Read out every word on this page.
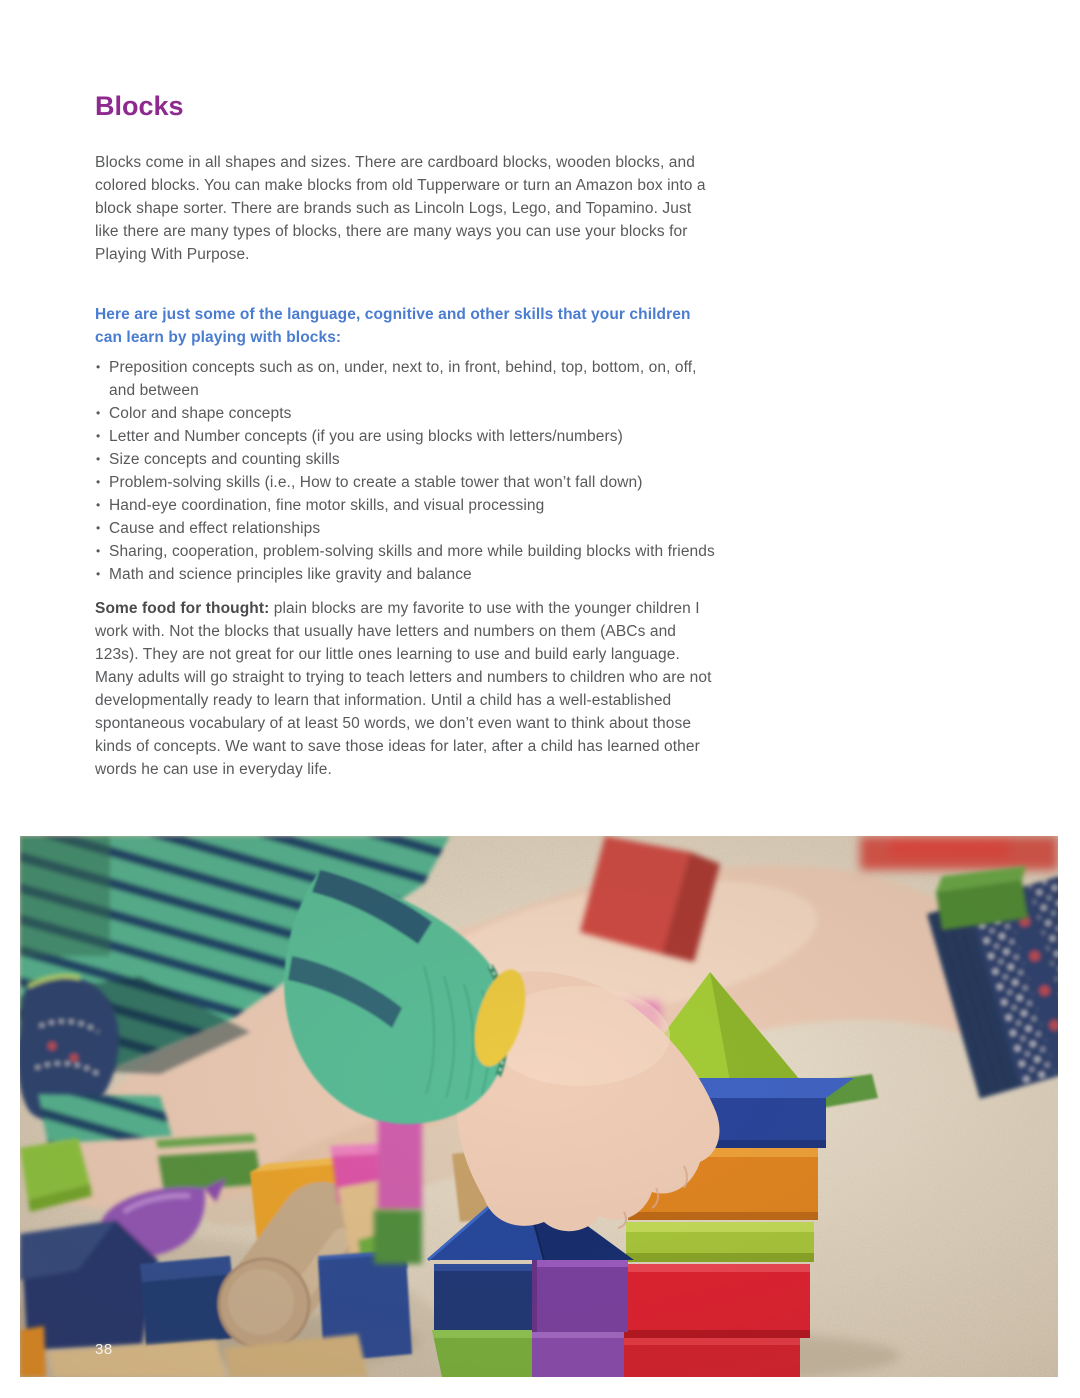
Blocks

Blocks come in all shapes and sizes. There are cardboard blocks, wooden blocks, and colored blocks. You can make blocks from old Tupperware or turn an Amazon box into a block shape sorter. There are brands such as Lincoln Logs, Lego, and Topamino. Just like there are many types of blocks, there are many ways you can use your blocks for Playing With Purpose.

Here are just some of the language, cognitive and other skills that your children can learn by playing with blocks:
• Preposition concepts such as on, under, next to, in front, behind, top, bottom, on, off, and between
• Color and shape concepts
• Letter and Number concepts (if you are using blocks with letters/numbers)
• Size concepts and counting skills
• Problem-solving skills (i.e., How to create a stable tower that won’t fall down)
• Hand-eye coordination, fine motor skills, and visual processing
• Cause and effect relationships
• Sharing, cooperation, problem-solving skills and more while building blocks with friends
• Math and science principles like gravity and balance

Some food for thought: plain blocks are my favorite to use with the younger children I work with. Not the blocks that usually have letters and numbers on them (ABCs and 123s). They are not great for our little ones learning to use and build early language. Many adults will go straight to trying to teach letters and numbers to children who are not developmentally ready to learn that information. Until a child has a well-established spontaneous vocabulary of at least 50 words, we don’t even want to think about those kinds of concepts. We want to save those ideas for later, after a child has learned other words he can use in everyday life.

38
